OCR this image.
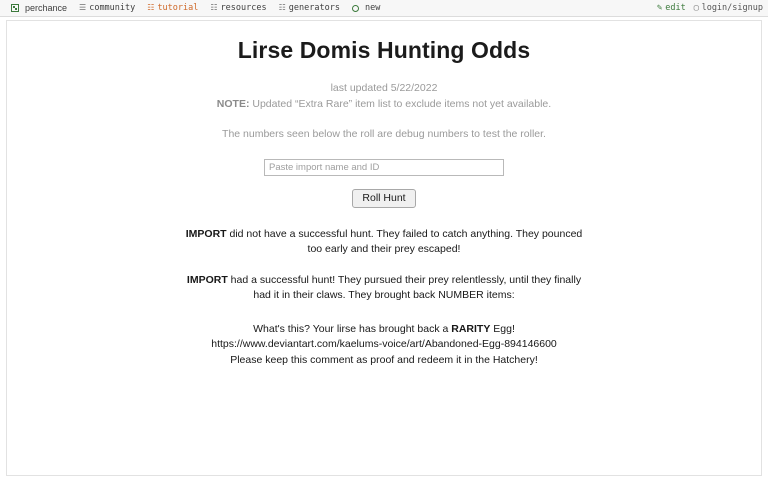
perchance ☰ community ☷ tutorial ☷ resources ☷ generators	new	✎ edit ▢ login/signup
Lirse Domis Hunting Odds
last updated 5/22/2022
NOTE: Updated “Extra Rare” item list to exclude items not yet available.
The numbers seen below the roll are debug numbers to test the roller.
Paste import name and ID
Roll Hunt
IMPORT did not have a successful hunt. They failed to catch anything. They pounced too early and their prey escaped!
IMPORT had a successful hunt! They pursued their prey relentlessly, until they finally had it in their claws. They brought back NUMBER items:
What's this? Your lirse has brought back a RARITY Egg!
https://www.deviantart.com/kaelums-voice/art/Abandoned-Egg-894146600
Please keep this comment as proof and redeem it in the Hatchery!
